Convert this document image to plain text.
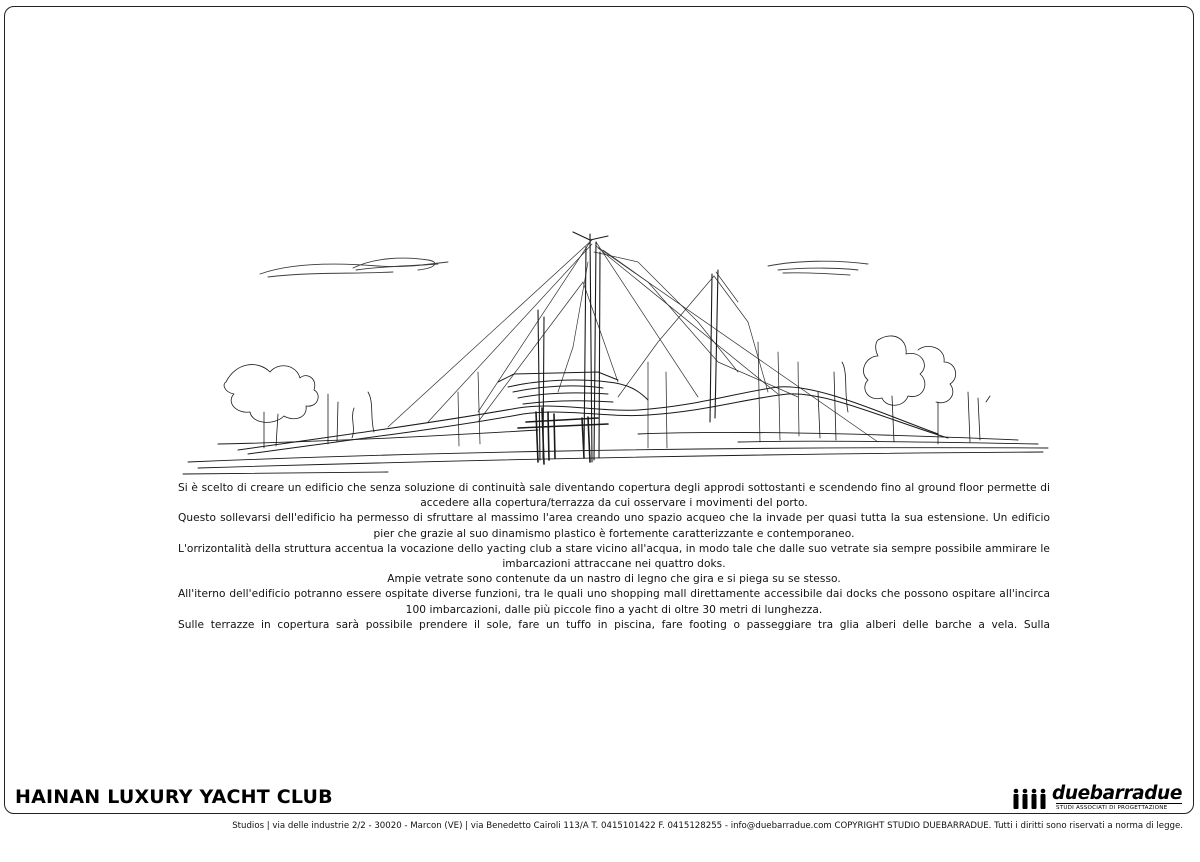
Si è scelto di creare un edificio che senza soluzione di continuità sale diventando copertura degli approdi sottostanti e scendendo fino al ground floor permette di accedere alla copertura/terrazza da cui osservare i movimenti del porto.
Questo sollevarsi dell'edificio ha permesso di sfruttare al massimo l'area creando uno spazio acqueo che la invade per quasi tutta la sua estensione. Un edificio pier che grazie al suo dinamismo plastico è fortemente caratterizzante e contemporaneo.
L'orrizontalità della struttura accentua la vocazione dello yacting club a stare vicino all'acqua, in modo tale che dalle suo vetrate sia sempre possibile ammirare le imbarcazioni attraccane nei quattro doks.
Ampie vetrate sono contenute da un nastro di legno che gira e si piega su se stesso.
All'iterno dell'edificio potranno essere ospitate diverse funzioni, tra le quali uno shopping mall direttamente accessibile dai docks che possono ospitare all'incirca 100 imbarcazioni, dalle più piccole fino a yacht di oltre 30 metri di lunghezza.
Sulle terrazze in copertura sarà possibile prendere il sole, fare un tuffo in piscina, fare footing o passeggiare tra glia alberi delle barche a vela. Sulla
HAINAN LUXURY YACHT CLUB	duebarradue
STUDI ASSOCIATI DI PROGETTAZIONE
Studios | via delle industrie 2/2 - 30020 - Marcon (VE) | via Benedetto Cairoli 113/A T. 0415101422 F. 0415128255 - info@duebarradue.com COPYRIGHT STUDIO DUEBARRADUE. Tutti i diritti sono riservati a norma di legge.
